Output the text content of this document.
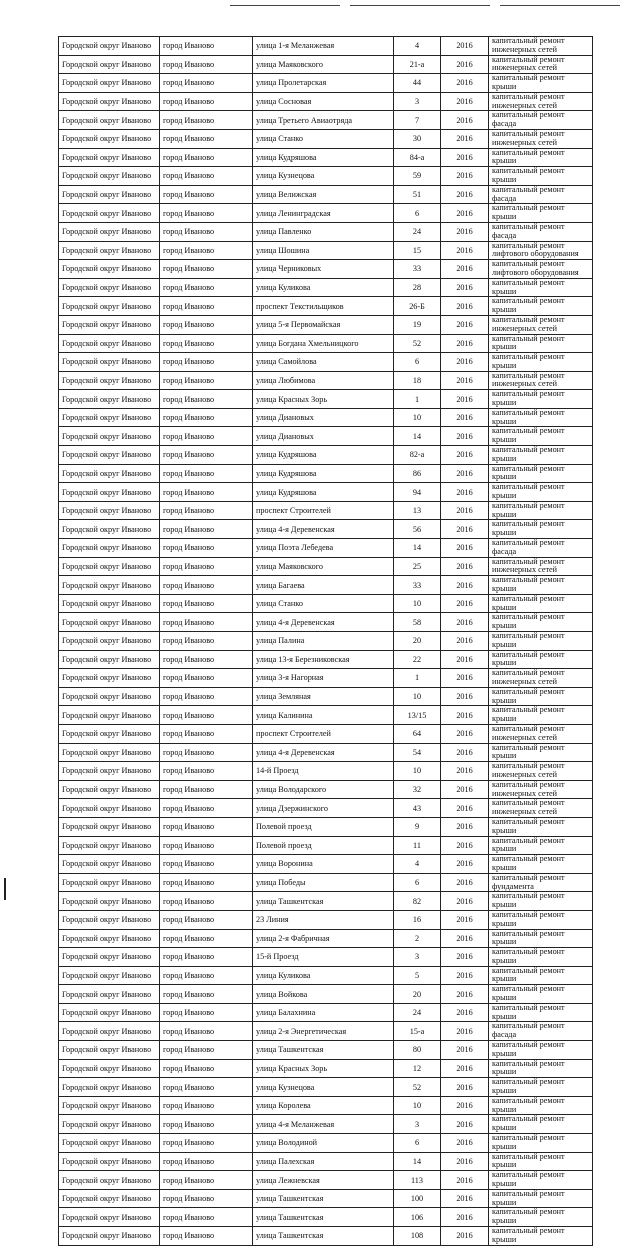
Городской округ Иваново	город Иваново	улица 1-я Меланжевая	4	2016	капитальный ремонт инженерных сетей
Городской округ Иваново	город Иваново	улица Маяковского	21-а	2016	капитальный ремонт инженерных сетей
Городской округ Иваново	город Иваново	улица Пролетарская	44	2016	капитальный ремонт крыши
Городской округ Иваново	город Иваново	улица Сосновая	3	2016	капитальный ремонт инженерных сетей
Городской округ Иваново	город Иваново	улица Третьего Авиаотряда	7	2016	капитальный ремонт фасада
Городской округ Иваново	город Иваново	улица Станко	30	2016	капитальный ремонт инженерных сетей
Городской округ Иваново	город Иваново	улица Кудряшова	84-а	2016	капитальный ремонт крыши
Городской округ Иваново	город Иваново	улица Кузнецова	59	2016	капитальный ремонт крыши
Городской округ Иваново	город Иваново	улица Велижская	51	2016	капитальный ремонт фасада
Городской округ Иваново	город Иваново	улица Ленинградская	6	2016	капитальный ремонт крыши
Городской округ Иваново	город Иваново	улица Павленко	24	2016	капитальный ремонт фасада
Городской округ Иваново	город Иваново	улица Шошина	15	2016	капитальный ремонт лифтового оборудования
Городской округ Иваново	город Иваново	улица Черниковых	33	2016	капитальный ремонт лифтового оборудования
Городской округ Иваново	город Иваново	улица Куликова	28	2016	капитальный ремонт крыши
Городской округ Иваново	город Иваново	проспект Текстильщиков	26-Б	2016	капитальный ремонт крыши
Городской округ Иваново	город Иваново	улица 5-я Первомайская	19	2016	капитальный ремонт инженерных сетей
Городской округ Иваново	город Иваново	улица Богдана Хмельницкого	52	2016	капитальный ремонт крыши
Городской округ Иваново	город Иваново	улица Самойлова	6	2016	капитальный ремонт крыши
Городской округ Иваново	город Иваново	улица Любимова	18	2016	капитальный ремонт инженерных сетей
Городской округ Иваново	город Иваново	улица Красных Зорь	1	2016	капитальный ремонт крыши
Городской округ Иваново	город Иваново	улица Диановых	10	2016	капитальный ремонт крыши
Городской округ Иваново	город Иваново	улица Диановых	14	2016	капитальный ремонт крыши
Городской округ Иваново	город Иваново	улица Кудряшова	82-а	2016	капитальный ремонт крыши
Городской округ Иваново	город Иваново	улица Кудряшова	86	2016	капитальный ремонт крыши
Городской округ Иваново	город Иваново	улица Кудряшова	94	2016	капитальный ремонт крыши
Городской округ Иваново	город Иваново	проспект Строителей	13	2016	капитальный ремонт крыши
Городской округ Иваново	город Иваново	улица 4-я Деревенская	56	2016	капитальный ремонт крыши
Городской округ Иваново	город Иваново	улица Поэта Лебедева	14	2016	капитальный ремонт фасада
Городской округ Иваново	город Иваново	улица Маяковского	25	2016	капитальный ремонт инженерных сетей
Городской округ Иваново	город Иваново	улица Багаева	33	2016	капитальный ремонт крыши
Городской округ Иваново	город Иваново	улица Станко	10	2016	капитальный ремонт крыши
Городской округ Иваново	город Иваново	улица 4-я Деревенская	58	2016	капитальный ремонт крыши
Городской округ Иваново	город Иваново	улица Палина	20	2016	капитальный ремонт крыши
Городской округ Иваново	город Иваново	улица 13-я Березниковская	22	2016	капитальный ремонт крыши
Городской округ Иваново	город Иваново	улица 3-я Нагорная	1	2016	капитальный ремонт инженерных сетей
Городской округ Иваново	город Иваново	улица Земляная	10	2016	капитальный ремонт крыши
Городской округ Иваново	город Иваново	улица Калинина	13/15	2016	капитальный ремонт крыши
Городской округ Иваново	город Иваново	проспект Строителей	64	2016	капитальный ремонт инженерных сетей
Городской округ Иваново	город Иваново	улица 4-я Деревенская	54	2016	капитальный ремонт крыши
Городской округ Иваново	город Иваново	14-й Проезд	10	2016	капитальный ремонт инженерных сетей
Городской округ Иваново	город Иваново	улица Володарского	32	2016	капитальный ремонт инженерных сетей
Городской округ Иваново	город Иваново	улица Дзержинского	43	2016	капитальный ремонт инженерных сетей
Городской округ Иваново	город Иваново	Полевой проезд	9	2016	капитальный ремонт крыши
Городской округ Иваново	город Иваново	Полевой проезд	11	2016	капитальный ремонт крыши
Городской округ Иваново	город Иваново	улица Воронина	4	2016	капитальный ремонт крыши
Городской округ Иваново	город Иваново	улица Победы	6	2016	капитальный ремонт фундамента
Городской округ Иваново	город Иваново	улица Ташкентская	82	2016	капитальный ремонт крыши
Городской округ Иваново	город Иваново	23 Линия	16	2016	капитальный ремонт крыши
Городской округ Иваново	город Иваново	улица 2-я Фабричная	2	2016	капитальный ремонт крыши
Городской округ Иваново	город Иваново	15-й Проезд	3	2016	капитальный ремонт крыши
Городской округ Иваново	город Иваново	улица Куликова	5	2016	капитальный ремонт крыши
Городской округ Иваново	город Иваново	улица Войкова	20	2016	капитальный ремонт крыши
Городской округ Иваново	город Иваново	улица Балахнина	24	2016	капитальный ремонт крыши
Городской округ Иваново	город Иваново	улица 2-я Энергетическая	15-а	2016	капитальный ремонт фасада
Городской округ Иваново	город Иваново	улица Ташкентская	80	2016	капитальный ремонт крыши
Городской округ Иваново	город Иваново	улица Красных Зорь	12	2016	капитальный ремонт крыши
Городской округ Иваново	город Иваново	улица Кузнецова	52	2016	капитальный ремонт крыши
Городской округ Иваново	город Иваново	улица Королева	10	2016	капитальный ремонт крыши
Городской округ Иваново	город Иваново	улица 4-я Меланжевая	3	2016	капитальный ремонт крыши
Городской округ Иваново	город Иваново	улица Володиной	6	2016	капитальный ремонт крыши
Городской округ Иваново	город Иваново	улица Палехская	14	2016	капитальный ремонт крыши
Городской округ Иваново	город Иваново	улица Лежневская	113	2016	капитальный ремонт крыши
Городской округ Иваново	город Иваново	улица Ташкентская	100	2016	капитальный ремонт крыши
Городской округ Иваново	город Иваново	улица Ташкентская	106	2016	капитальный ремонт крыши
Городской округ Иваново	город Иваново	улица Ташкентская	108	2016	капитальный ремонт крыши
